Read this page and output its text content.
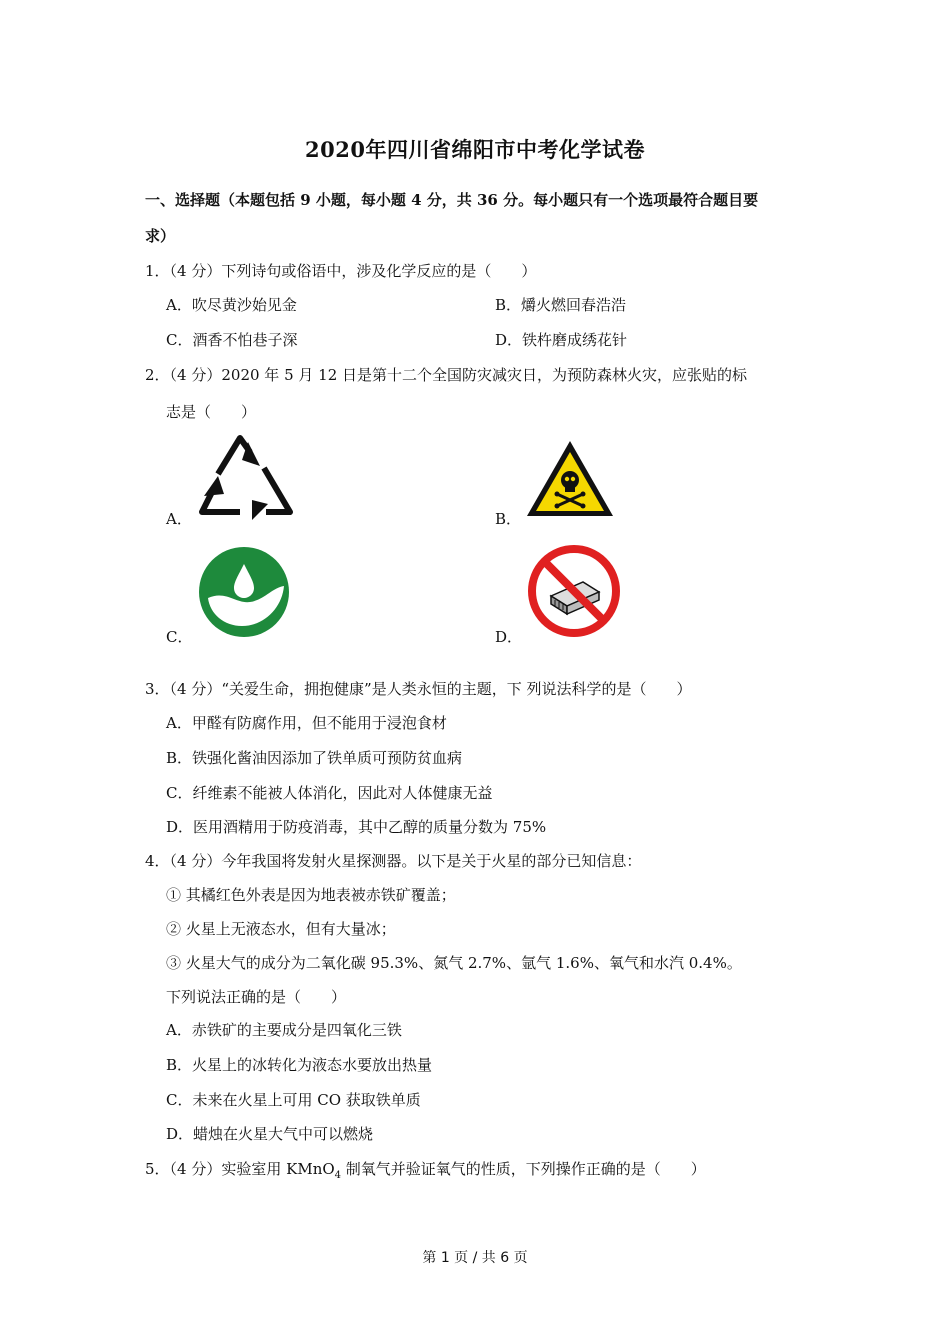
2020年四川省绵阳市中考化学试卷
一、选择题（本题包括 9 小题，每小题 4 分，共 36 分。每小题只有一个选项最符合题目要
求）
1．（4 分）下列诗句或俗语中，涉及化学反应的是（　　）
A．吹尽黄沙始见金	B．爝火燃回春浩浩
C．酒香不怕巷子深	D．铁杵磨成绣花针
2．（4 分）2020 年 5 月 12 日是第十二个全国防灾减灾日，为预防森林火灾，应张贴的标
志是（　　）
A．	B．
C．	D．
3．（4 分）“关爱生命，拥抱健康”是人类永恒的主题，下 列说法科学的是（　　）
A．甲醛有防腐作用，但不能用于浸泡食材
B．铁强化酱油因添加了铁单质可预防贫血病
C．纤维素不能被人体消化，因此对人体健康无益
D．医用酒精用于防疫消毒，其中乙醇的质量分数为 75%
4．（4 分）今年我国将发射火星探测器。以下是关于火星的部分已知信息：
① 其橘红色外表是因为地表被赤铁矿覆盖；
② 火星上无液态水，但有大量冰；
③ 火星大气的成分为二氧化碳 95.3%、氮气 2.7%、氩气 1.6%、氧气和水汽 0.4%。
下列说法正确的是（　　）
A．赤铁矿的主要成分是四氧化三铁
B．火星上的冰转化为液态水要放出热量
C．未来在火星上可用 CO 获取铁单质
D．蜡烛在火星大气中可以燃烧
5．（4 分）实验室用 KMnO$_4$ 制氧气并验证氧气的性质，下列操作正确的是（　　）
第 1 页 / 共 6 页
